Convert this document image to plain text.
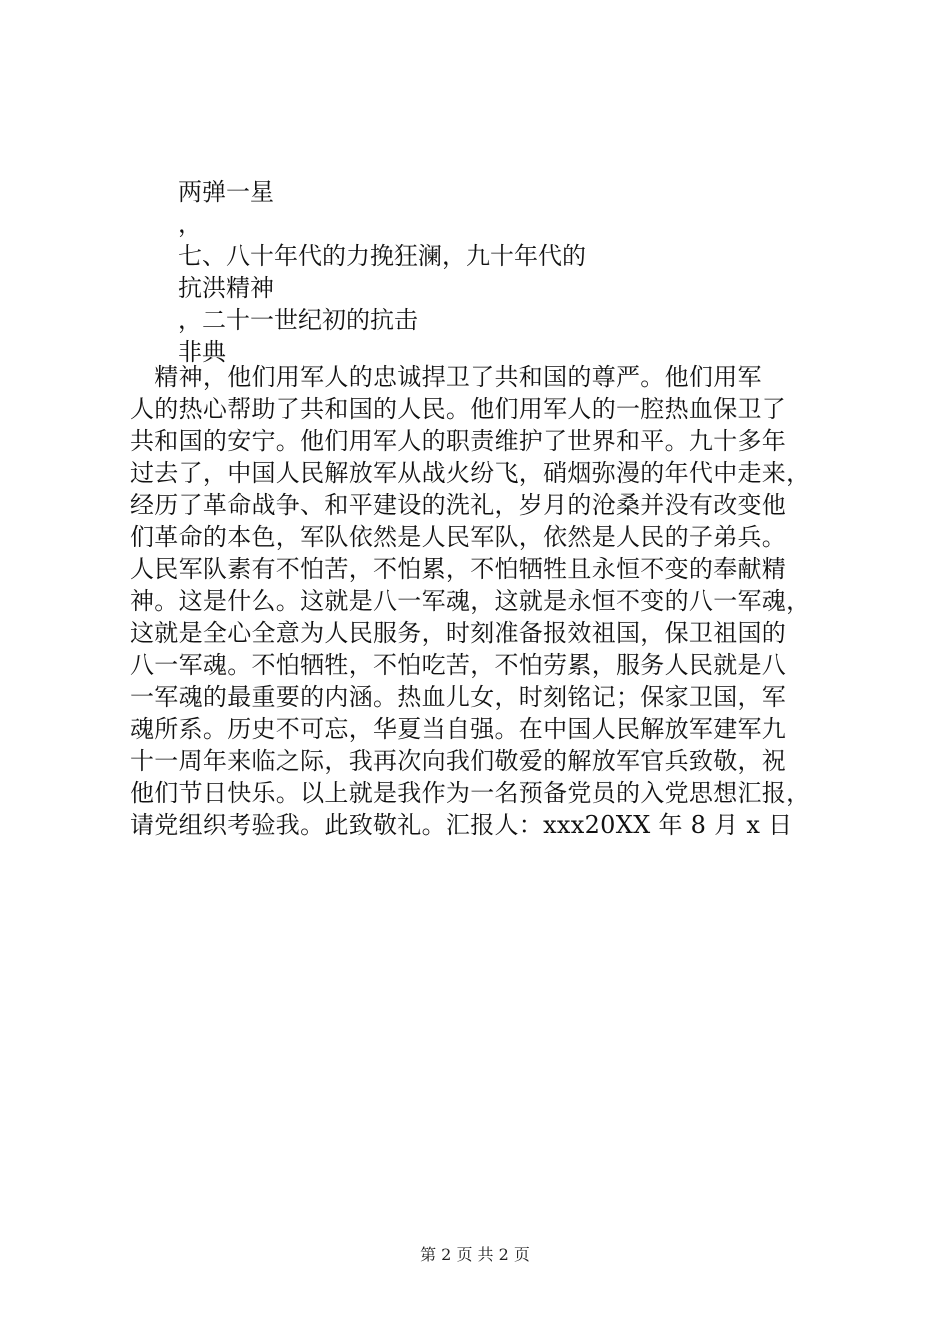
两弹一星
，
七、八十年代的力挽狂澜，九十年代的
抗洪精神
，二十一世纪初的抗击
非典
　精神，他们用军人的忠诚捍卫了共和国的尊严。他们用军
人的热心帮助了共和国的人民。他们用军人的一腔热血保卫了
共和国的安宁。他们用军人的职责维护了世界和平。九十多年
过去了，中国人民解放军从战火纷飞，硝烟弥漫的年代中走来，
经历了革命战争、和平建设的洗礼，岁月的沧桑并没有改变他
们革命的本色，军队依然是人民军队，依然是人民的子弟兵。
人民军队素有不怕苦，不怕累，不怕牺牲且永恒不变的奉献精
神。这是什么。这就是八一军魂，这就是永恒不变的八一军魂，
这就是全心全意为人民服务，时刻准备报效祖国，保卫祖国的
八一军魂。不怕牺牲，不怕吃苦，不怕劳累，服务人民就是八
一军魂的最重要的内涵。热血儿女，时刻铭记；保家卫国，军
魂所系。历史不可忘，华夏当自强。在中国人民解放军建军九
十一周年来临之际，我再次向我们敬爱的解放军官兵致敬，祝
他们节日快乐。以上就是我作为一名预备党员的入党思想汇报，
请党组织考验我。此致敬礼。汇报人：xxx20XX 年 8 月 x 日
第 2 页 共 2 页
